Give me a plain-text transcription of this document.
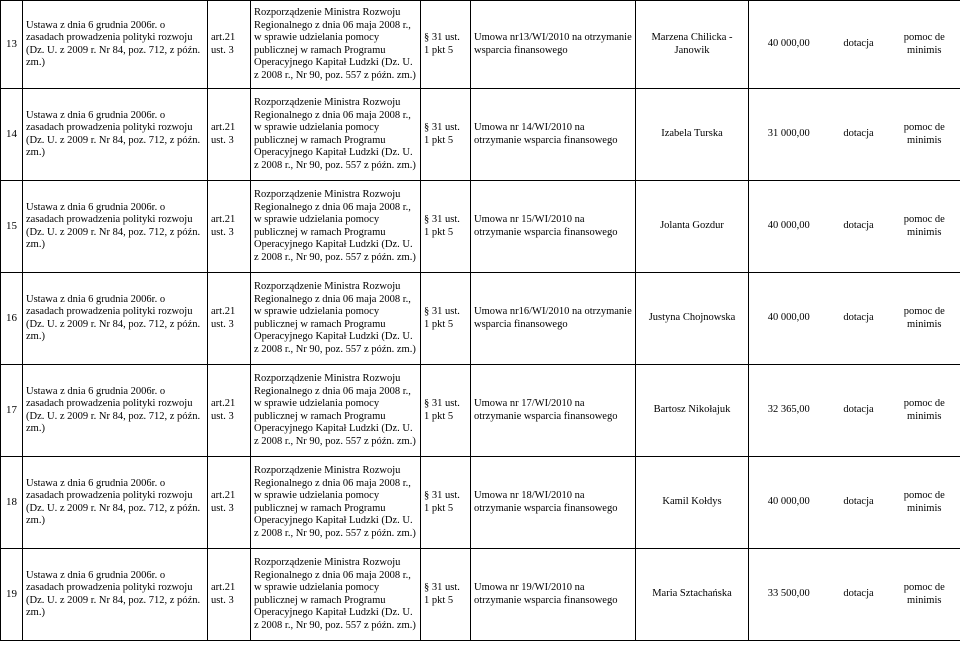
13	Ustawa z dnia 6 grudnia 2006r. o zasadach prowadzenia polityki rozwoju (Dz. U. z 2009 r. Nr 84, poz. 712, z późn. zm.)	art.21 ust. 3	Rozporządzenie Ministra Rozwoju Regionalnego z dnia 06 maja 2008 r., w sprawie udzielania pomocy publicznej w ramach Programu Operacyjnego Kapitał Ludzki (Dz. U. z 2008 r., Nr 90, poz. 557 z późn. zm.)	§ 31 ust. 1 pkt 5	Umowa nr13/WI/2010 na otrzymanie wsparcia finansowego	Marzena Chilicka - Janowik	40 000,00	dotacja	pomoc de minimis
14	Ustawa z dnia 6 grudnia 2006r. o zasadach prowadzenia polityki rozwoju (Dz. U. z 2009 r. Nr 84, poz. 712, z późn. zm.)	art.21 ust. 3	Rozporządzenie Ministra Rozwoju Regionalnego z dnia 06 maja 2008 r., w sprawie udzielania pomocy publicznej w ramach Programu Operacyjnego Kapitał Ludzki (Dz. U. z 2008 r., Nr 90, poz. 557 z późn. zm.)	§ 31 ust. 1 pkt 5	Umowa nr 14/WI/2010 na otrzymanie wsparcia finansowego	Izabela Turska	31 000,00	dotacja	pomoc de minimis
15	Ustawa z dnia 6 grudnia 2006r. o zasadach prowadzenia polityki rozwoju (Dz. U. z 2009 r. Nr 84, poz. 712, z późn. zm.)	art.21 ust. 3	Rozporządzenie Ministra Rozwoju Regionalnego z dnia 06 maja 2008 r., w sprawie udzielania pomocy publicznej w ramach Programu Operacyjnego Kapitał Ludzki (Dz. U. z 2008 r., Nr 90, poz. 557 z późn. zm.)	§ 31 ust. 1 pkt 5	Umowa nr 15/WI/2010 na otrzymanie wsparcia finansowego	Jolanta Gozdur	40 000,00	dotacja	pomoc de minimis
16	Ustawa z dnia 6 grudnia 2006r. o zasadach prowadzenia polityki rozwoju (Dz. U. z 2009 r. Nr 84, poz. 712, z późn. zm.)	art.21 ust. 3	Rozporządzenie Ministra Rozwoju Regionalnego z dnia 06 maja 2008 r., w sprawie udzielania pomocy publicznej w ramach Programu Operacyjnego Kapitał Ludzki (Dz. U. z 2008 r., Nr 90, poz. 557 z późn. zm.)	§ 31 ust. 1 pkt 5	Umowa nr16/WI/2010 na otrzymanie wsparcia finansowego	Justyna Chojnowska	40 000,00	dotacja	pomoc de minimis
17	Ustawa z dnia 6 grudnia 2006r. o zasadach prowadzenia polityki rozwoju (Dz. U. z 2009 r. Nr 84, poz. 712, z późn. zm.)	art.21 ust. 3	Rozporządzenie Ministra Rozwoju Regionalnego z dnia 06 maja 2008 r., w sprawie udzielania pomocy publicznej w ramach Programu Operacyjnego Kapitał Ludzki (Dz. U. z 2008 r., Nr 90, poz. 557 z późn. zm.)	§ 31 ust. 1 pkt 5	Umowa nr 17/WI/2010 na otrzymanie wsparcia finansowego	Bartosz Nikołajuk	32 365,00	dotacja	pomoc de minimis
18	Ustawa z dnia 6 grudnia 2006r. o zasadach prowadzenia polityki rozwoju (Dz. U. z 2009 r. Nr 84, poz. 712, z późn. zm.)	art.21 ust. 3	Rozporządzenie Ministra Rozwoju Regionalnego z dnia 06 maja 2008 r., w sprawie udzielania pomocy publicznej w ramach Programu Operacyjnego Kapitał Ludzki (Dz. U. z 2008 r., Nr 90, poz. 557 z późn. zm.)	§ 31 ust. 1 pkt 5	Umowa nr 18/WI/2010 na otrzymanie wsparcia finansowego	Kamil Kołdys	40 000,00	dotacja	pomoc de minimis
19	Ustawa z dnia 6 grudnia 2006r. o zasadach prowadzenia polityki rozwoju (Dz. U. z 2009 r. Nr 84, poz. 712, z późn. zm.)	art.21 ust. 3	Rozporządzenie Ministra Rozwoju Regionalnego z dnia 06 maja 2008 r., w sprawie udzielania pomocy publicznej w ramach Programu Operacyjnego Kapitał Ludzki (Dz. U. z 2008 r., Nr 90, poz. 557 z późn. zm.)	§ 31 ust. 1 pkt 5	Umowa nr 19/WI/2010 na otrzymanie wsparcia finansowego	Maria Sztachańska	33 500,00	dotacja	pomoc de minimis
